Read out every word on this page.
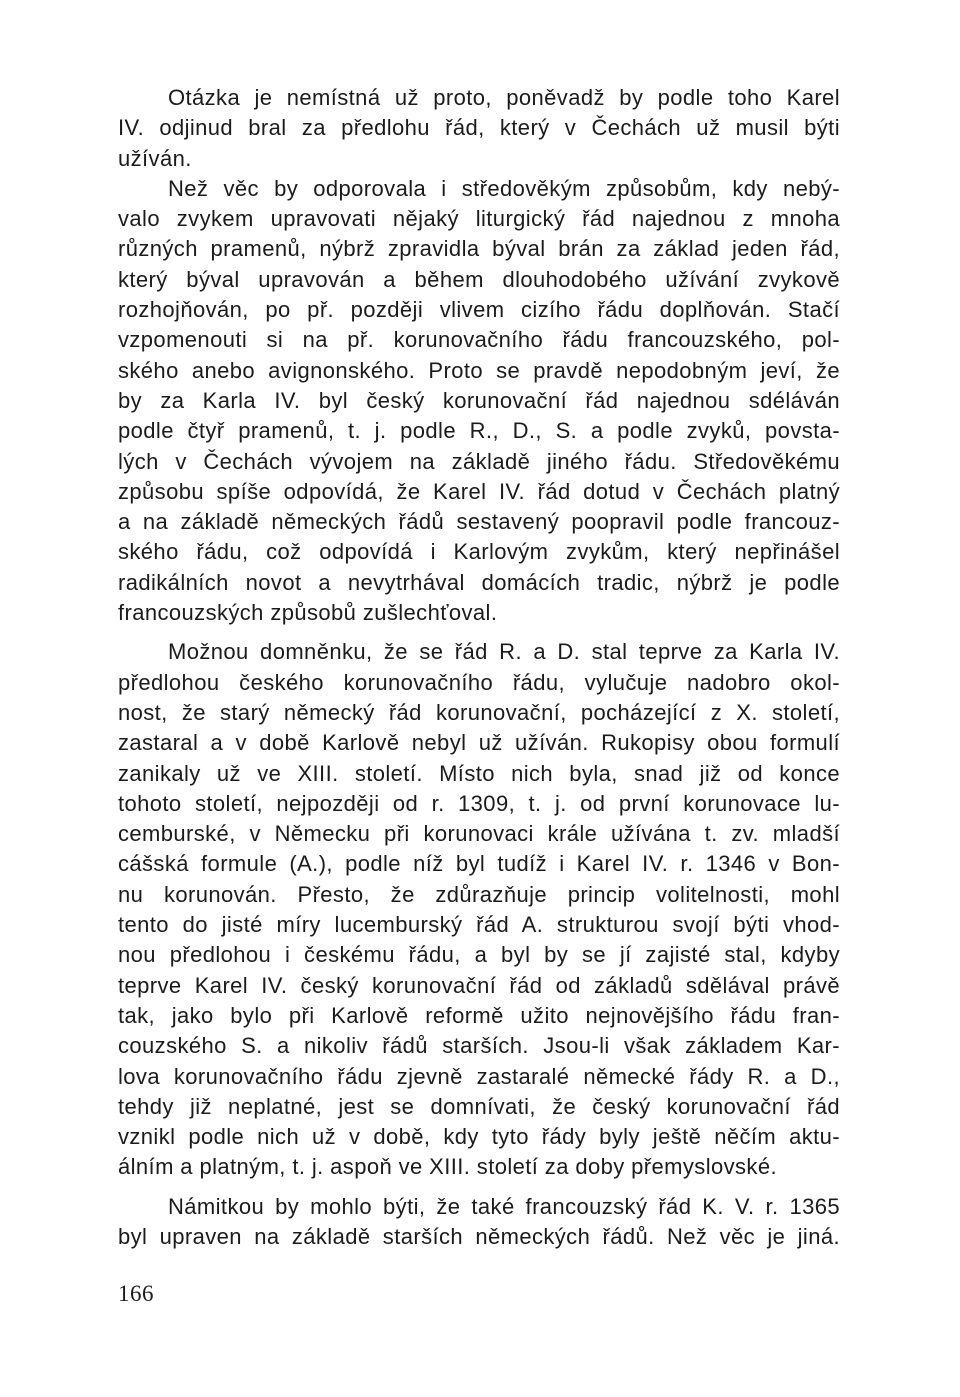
Otázka je nemístná už proto, poněvadž by podle toho Karel
IV. odjinud bral za předlohu řád, který v Čechách už musil býti
užíván.

Než věc by odporovala i středověkým způsobům, kdy nebý-
valo zvykem upravovati nějaký liturgický řád najednou z mnoha
různých pramenů, nýbrž zpravidla býval brán za základ jeden řád,
který býval upravován a během dlouhodobého užívání zvykově
rozhojňován, po př. později vlivem cizího řádu doplňován. Stačí
vzpomenouti si na př. korunovačního řádu francouzského, pol-
ského anebo avignonského. Proto se pravdě nepodobným jeví, že
by za Karla IV. byl český korunovační řád najednou sdéláván
podle čtyř pramenů, t. j. podle R., D., S. a podle zvyků, povsta-
lých v Čechách vývojem na základě jiného řádu. Středověkému
způsobu spíše odpovídá, že Karel IV. řád dotud v Čechách platný
a na základě německých řádů sestavený poopravil podle francouz-
ského řádu, což odpovídá i Karlovým zvykům, který nepřinášel
radikálních novot a nevytrhával domácích tradic, nýbrž je podle
francouzských způsobů zušlechťoval.

Možnou domněnku, že se řád R. a D. stal teprve za Karla IV.
předlohou českého korunovačního řádu, vylučuje nadobro okol-
nost, že starý německý řád korunovační, pocházející z X. století,
zastaral a v době Karlově nebyl už užíván. Rukopisy obou formulí
zanikaly už ve XIII. století. Místo nich byla, snad již od konce
tohoto století, nejpozději od r. 1309, t. j. od první korunovace lu-
cemburské, v Německu při korunovaci krále užívána t. zv. mladší
cášská formule (A.), podle níž byl tudíž i Karel IV. r. 1346 v Bon-
nu korunován. Přesto, že zdůrazňuje princip volitelnosti, mohl
tento do jisté míry lucemburský řád A. strukturou svojí býti vhod-
nou předlohou i českému řádu, a byl by se jí zajisté stal, kdyby
teprve Karel IV. český korunovační řád od základů sdělával právě
tak, jako bylo při Karlově reformě užito nejnovějšího řádu fran-
couzského S. a nikoliv řádů starších. Jsou-li však základem Kar-
lova korunovačního řádu zjevně zastaralé německé řády R. a D.,
tehdy již neplatné, jest se domnívati, že český korunovační řád
vznikl podle nich už v době, kdy tyto řády byly ještě něčím aktu-
álním a platným, t. j. aspoň ve XIII. století za doby přemyslovské.

Námitkou by mohlo býti, že také francouzský řád K. V. r. 1365
byl upraven na základě starších německých řádů. Než věc je jiná.

166
